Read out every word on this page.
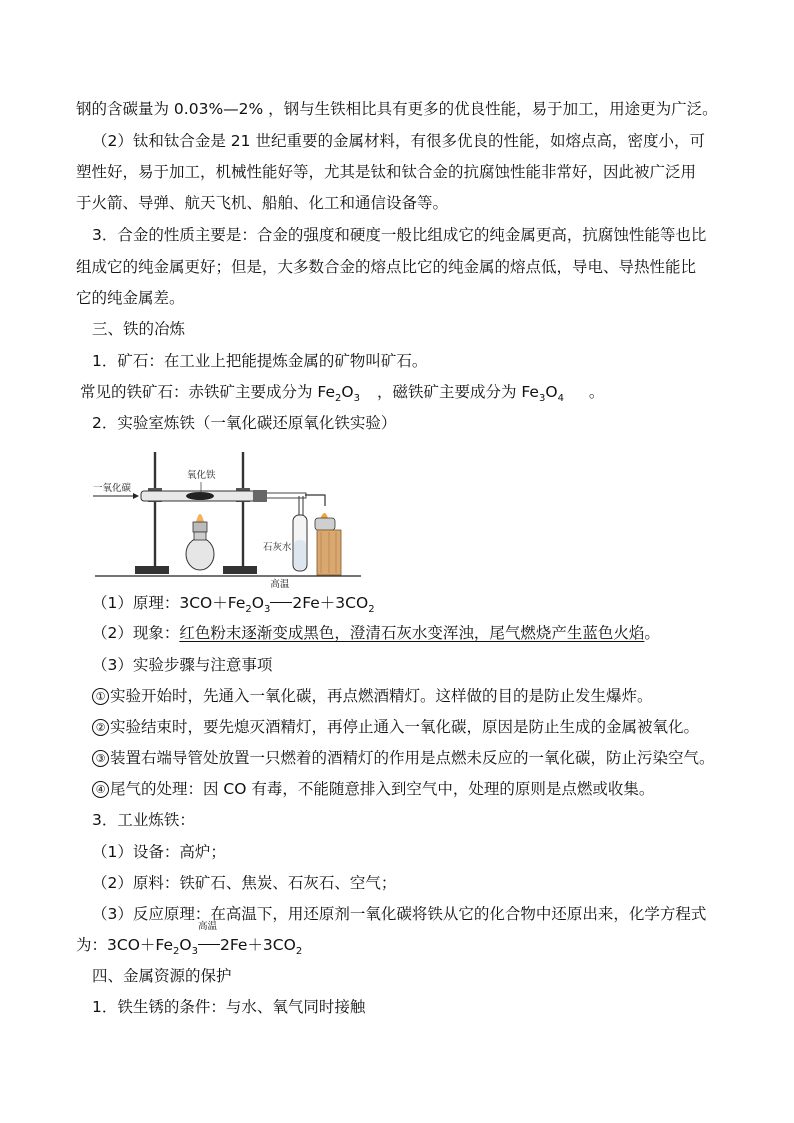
钢的含碳量为 0.03%—2% ，钢与生铁相比具有更多的优良性能，易于加工，用途更为广泛。
（2）钛和钛合金是 21 世纪重要的金属材料，有很多优良的性能，如熔点高，密度小，可
塑性好，易于加工，机械性能好等，尤其是钛和钛合金的抗腐蚀性能非常好，因此被广泛用
于火箭、导弹、航天飞机、船舶、化工和通信设备等。
3．合金的性质主要是：合金的强度和硬度一般比组成它的纯金属更高，抗腐蚀性能等也比
组成它的纯金属更好；但是，大多数合金的熔点比它的纯金属的熔点低，导电、导热性能比
它的纯金属差。
三、铁的冶炼
1．矿石：在工业上把能提炼金属的矿物叫矿石。
常见的铁矿石：赤铁矿主要成分为 $Fe_2O_3$ ，磁铁矿主要成分为 $Fe_3O_4$ 。
2．实验室炼铁（一氧化碳还原氧化铁实验）
一氧化碳
氧化铁
石灰水
（1）原理：$3CO+Fe_2O_3$
高温
$2Fe+3CO_2$
（2）现象：红色粉末逐渐变成黑色，澄清石灰水变浑浊，尾气燃烧产生蓝色火焰。
（3）实验步骤与注意事项
① 实验开始时，先通入一氧化碳，再点燃酒精灯。这样做的目的是防止发生爆炸。
② 实验结束时，要先熄灭酒精灯，再停止通入一氧化碳，原因是防止生成的金属被氧化。
③ 装置右端导管处放置一只燃着的酒精灯的作用是点燃未反应的一氧化碳，防止污染空气。
④ 尾气的处理：因 CO 有毒，不能随意排入到空气中，处理的原则是点燃或收集。
3．工业炼铁：
（1）设备：高炉；
（2）原料：铁矿石、焦炭、石灰石、空气；
（3）反应原理：在高温下，用还原剂一氧化碳将铁从它的化合物中还原出来，化学方程式
为：$3CO+Fe_2O_3$
高温
$2Fe+3CO_2$
四、金属资源的保护
1．铁生锈的条件：与水、氧气同时接触
